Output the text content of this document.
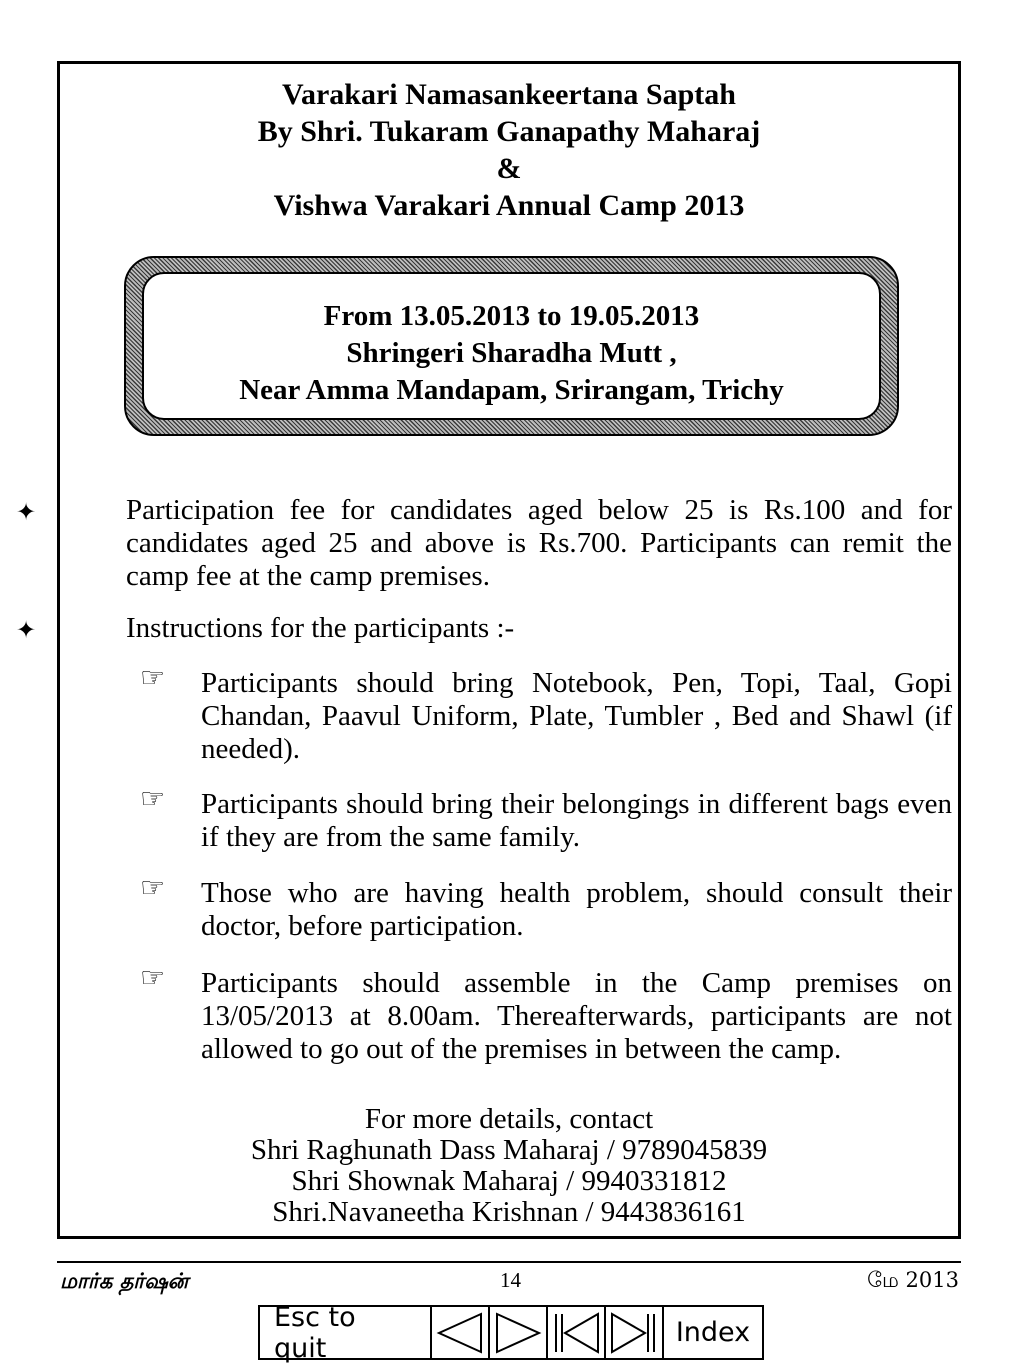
Varakari Namasankeertana Saptah
By Shri. Tukaram Ganapathy Maharaj
&
Vishwa Varakari Annual Camp 2013
From 13.05.2013 to 19.05.2013
Shringeri Sharadha Mutt ,
Near Amma Mandapam, Srirangam, Trichy
✦	Participation fee for candidates aged below 25 is Rs.100 and for candidates aged 25 and above is Rs.700. Participants can remit the camp fee at the camp premises.
✦	Instructions for the participants :-
☞ Participants should bring Notebook, Pen, Topi, Taal, Gopi Chandan, Paavul Uniform, Plate, Tumbler , Bed and Shawl (if needed).
☞ Participants should bring their belongings in different bags even if they are from the same family.
☞ Those who are having health problem, should consult their doctor, before participation.
☞ Participants should assemble in the Camp premises on 13/05/2013 at 8.00am. Thereafterwards, participants are not allowed to go out of the premises in between the camp.
For more details, contact
Shri Raghunath Dass Maharaj / 9789045839
Shri Shownak Maharaj / 9940331812
Shri.Navaneetha Krishnan / 9443836161
மார்க தர்ஷன்	14	மே 2013
Esc to quit	Index
